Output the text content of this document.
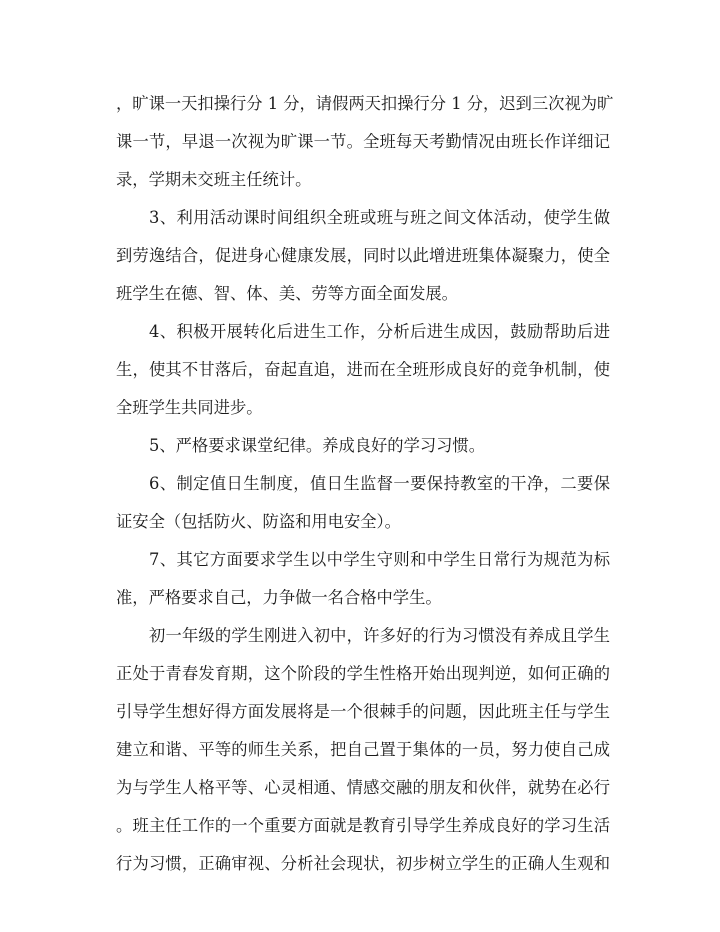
，旷课一天扣操行分 1 分，请假两天扣操行分 1 分，迟到三次视为旷
课一节，早退一次视为旷课一节。全班每天考勤情况由班长作详细记
录，学期未交班主任统计。
3、利用活动课时间组织全班或班与班之间文体活动，使学生做
到劳逸结合，促进身心健康发展，同时以此增进班集体凝聚力，使全
班学生在德、智、体、美、劳等方面全面发展。
4、积极开展转化后进生工作，分析后进生成因，鼓励帮助后进
生，使其不甘落后，奋起直追，进而在全班形成良好的竞争机制，使
全班学生共同进步。
5、严格要求课堂纪律。养成良好的学习习惯。
6、制定值日生制度，值日生监督一要保持教室的干净，二要保
证安全（包括防火、防盗和用电安全）。
7、其它方面要求学生以中学生守则和中学生日常行为规范为标
准，严格要求自己，力争做一名合格中学生。
初一年级的学生刚进入初中，许多好的行为习惯没有养成且学生
正处于青春发育期，这个阶段的学生性格开始出现判逆，如何正确的
引导学生想好得方面发展将是一个很棘手的问题，因此班主任与学生
建立和谐、平等的师生关系，把自己置于集体的一员，努力使自己成
为与学生人格平等、心灵相通、情感交融的朋友和伙伴，就势在必行
。班主任工作的一个重要方面就是教育引导学生养成良好的学习生活
行为习惯，正确审视、分析社会现状，初步树立学生的正确人生观和
